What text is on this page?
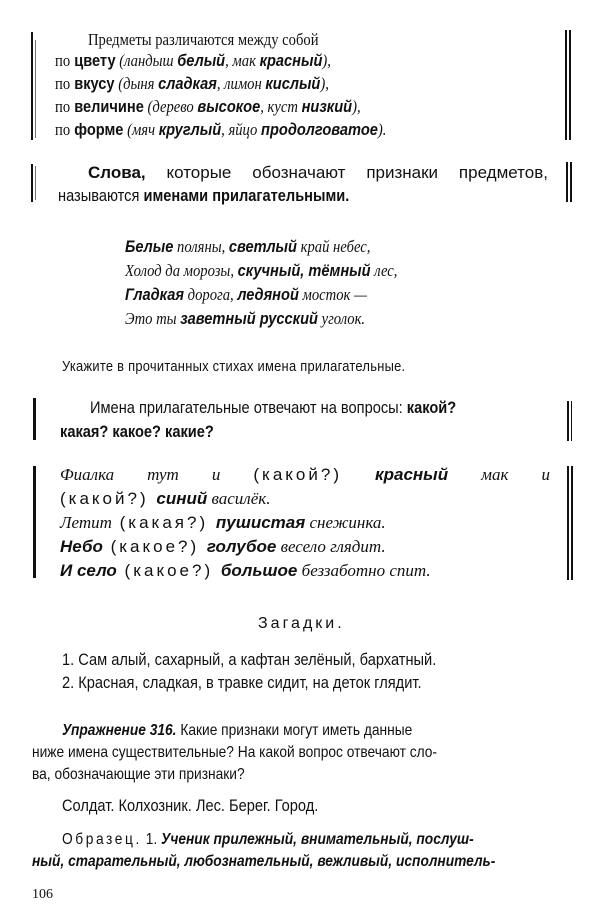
Предметы различаются между собой
по цвету (ландыш белый, мак красный),
по вкусу (дыня сладкая, лимон кислый),
по величине (дерево высокое, куст низкий),
по форме (мяч круглый, яйцо продолговатое).
Слова, которые обозначают признаки предметов,
называются именами прилагательными.
Белые поляны, светлый край небес,
Холод да морозы, скучный, тёмный лес,
Гладкая дорога, ледяной мосток —
Это ты заветный русский уголок.
Укажите в прочитанных стихах имена прилагательные.
Имена прилагательные отвечают на вопросы: какой?
какая? какое? какие?
Фиалка тут и (какой?) красный мак и
(какой?) синий василёк.
Летит (какая?) пушистая снежинка.
Небо (какое?) голубое весело глядит.
И село (какое?) большое беззаботно спит.
Загадки.
1. Сам алый, сахарный, а кафтан зелёный, бархатный.
2. Красная, сладкая, в травке сидит, на деток глядит.
Упражнение 316. Какие признаки могут иметь данные
ниже имена существительные? На какой вопрос отвечают сло-
ва, обозначающие эти признаки?
Солдат. Колхозник. Лес. Берег. Город.
Образец. 1. Ученик прилежный, внимательный, послуш-
ный, старательный, любознательный, вежливый, исполнитель-
106
